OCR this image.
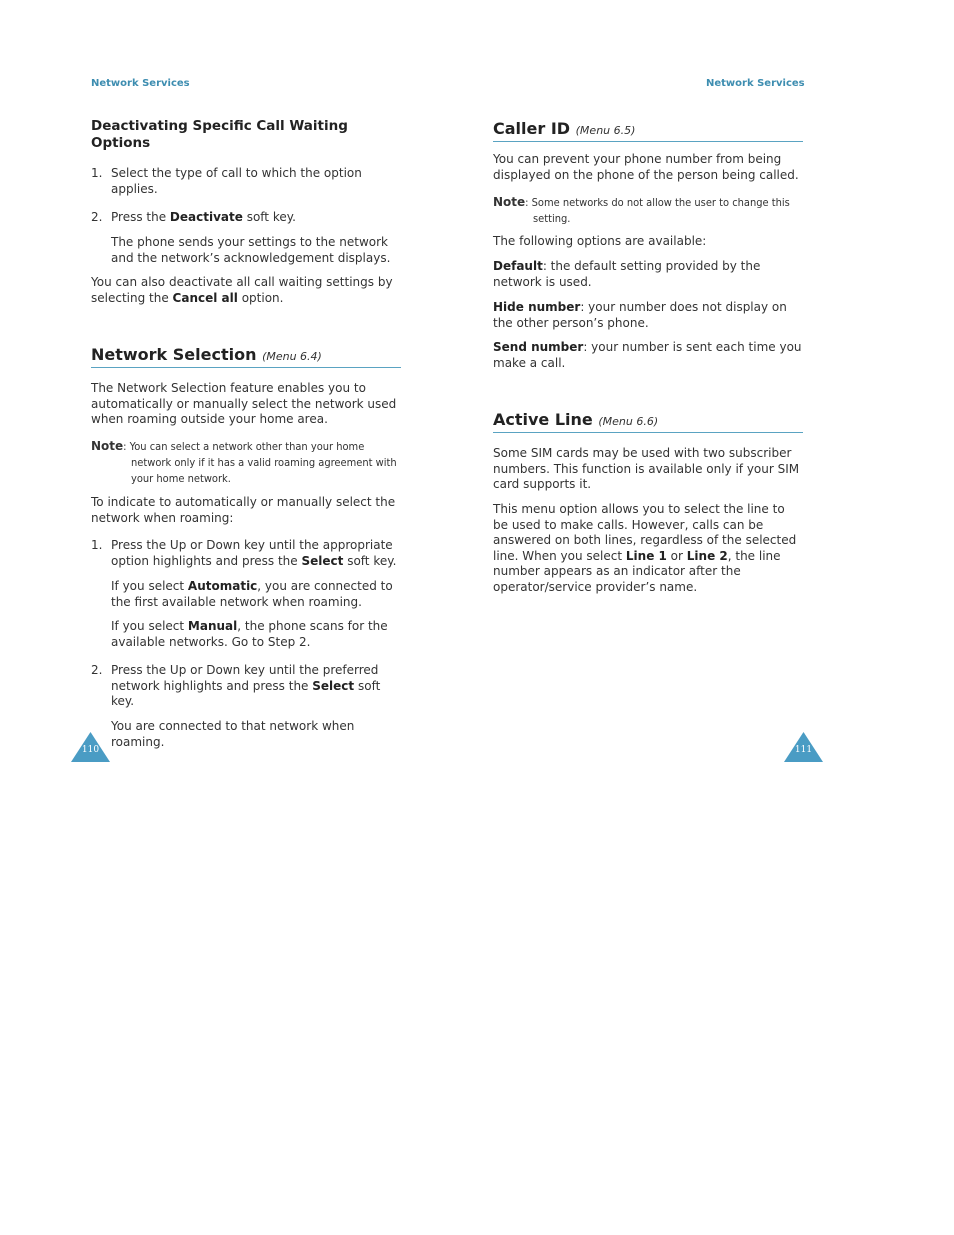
Network Services	Network Services
Deactivating Specific Call Waiting Options
1. Select the type of call to which the option applies.

2. Press the Deactivate soft key.

The phone sends your settings to the network and the network’s acknowledgement displays.

You can also deactivate all call waiting settings by selecting the Cancel all option.

Network Selection (Menu 6.4)

The Network Selection feature enables you to automatically or manually select the network used when roaming outside your home area.

Note: You can select a network other than your home network only if it has a valid roaming agreement with your home network.

To indicate to automatically or manually select the network when roaming:

1. Press the Up or Down key until the appropriate option highlights and press the Select soft key.

If you select Automatic, you are connected to the first available network when roaming.

If you select Manual, the phone scans for the available networks. Go to Step 2.

2. Press the Up or Down key until the preferred network highlights and press the Select soft key.

You are connected to that network when roaming.

110
Caller ID (Menu 6.5)

You can prevent your phone number from being displayed on the phone of the person being called.

Note: Some networks do not allow the user to change this setting.

The following options are available:

Default: the default setting provided by the network is used.

Hide number: your number does not display on the other person’s phone.

Send number: your number is sent each time you make a call.

Active Line (Menu 6.6)

Some SIM cards may be used with two subscriber numbers. This function is available only if your SIM card supports it.

This menu option allows you to select the line to be used to make calls. However, calls can be answered on both lines, regardless of the selected line. When you select Line 1 or Line 2, the line number appears as an indicator after the operator/service provider’s name.

111
